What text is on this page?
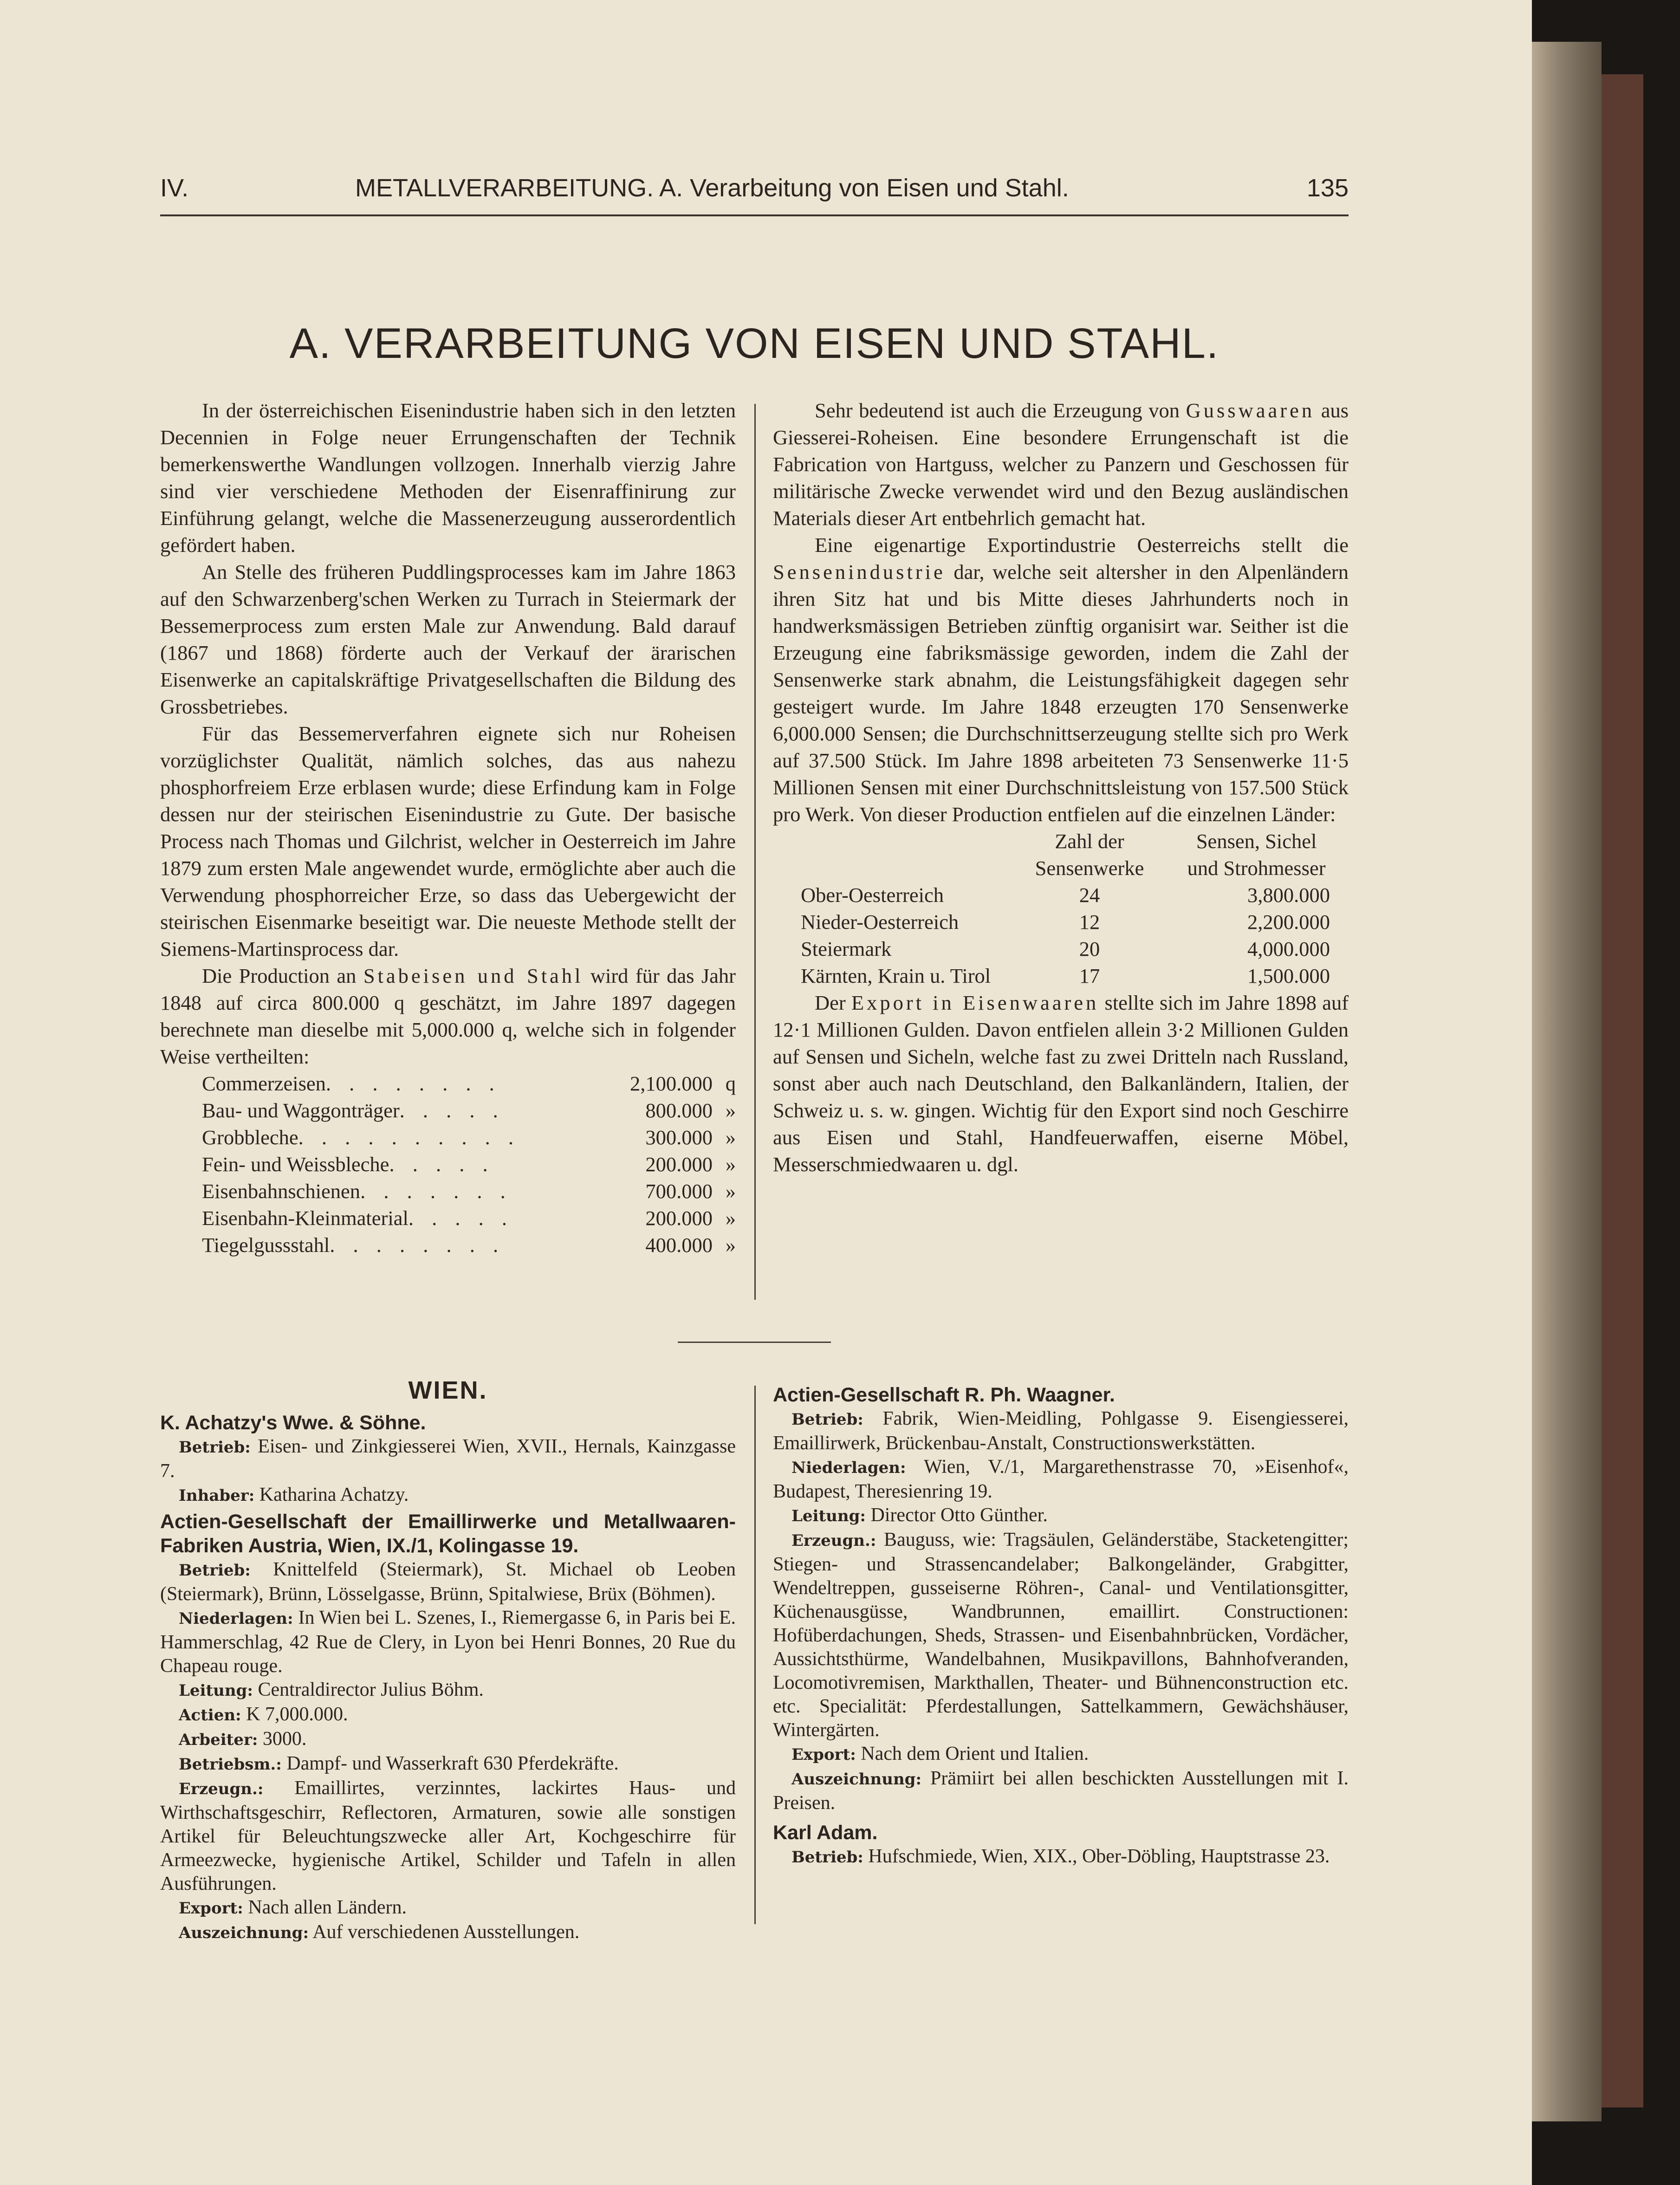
IV.	METALLVERARBEITUNG. A. Verarbeitung von Eisen und Stahl.	135
A. VERARBEITUNG VON EISEN UND STAHL.

In der österreichischen Eisenindustrie haben sich in den letzten Decennien in Folge neuer Errungenschaften der Technik bemerkenswerthe Wandlungen vollzogen. Innerhalb vierzig Jahre sind vier verschiedene Methoden der Eisenraffinirung zur Einführung gelangt, welche die Massenerzeugung ausserordentlich gefördert haben.

An Stelle des früheren Puddlingsprocesses kam im Jahre 1863 auf den Schwarzenberg'schen Werken zu Turrach in Steiermark der Bessemerprocess zum ersten Male zur Anwendung. Bald darauf (1867 und 1868) förderte auch der Verkauf der ärarischen Eisenwerke an capitalskräftige Privatgesellschaften die Bildung des Grossbetriebes.

Für das Bessemerverfahren eignete sich nur Roheisen vorzüglichster Qualität, nämlich solches, das aus nahezu phosphorfreiem Erze erblasen wurde; diese Erfindung kam in Folge dessen nur der steirischen Eisenindustrie zu Gute. Der basische Process nach Thomas und Gilchrist, welcher in Oesterreich im Jahre 1879 zum ersten Male angewendet wurde, ermöglichte aber auch die Verwendung phosphorreicher Erze, so dass das Uebergewicht der steirischen Eisenmarke beseitigt war. Die neueste Methode stellt der Siemens-Martinsprocess dar.

Die Production an Stabeisen und Stahl wird für das Jahr 1848 auf circa 800.000 q geschätzt, im Jahre 1897 dagegen berechnete man dieselbe mit 5,000.000 q, welche sich in folgender Weise vertheilten:

Commerzeisen . . . . . . . .	2,100.000 q
Bau- und Waggonträger . . . . .	800.000 »
Grobbleche . . . . . . . . . .	300.000 »
Fein- und Weissbleche . . . . .	200.000 »
Eisenbahnschienen . . . . . . .	700.000 »
Eisenbahn-Kleinmaterial . . . . .	200.000 »
Tiegelgussstahl . . . . . . . .	400.000 »

Sehr bedeutend ist auch die Erzeugung von Gusswaaren aus Giesserei-Roheisen. Eine besondere Errungenschaft ist die Fabrication von Hartguss, welcher zu Panzern und Geschossen für militärische Zwecke verwendet wird und den Bezug ausländischen Materials dieser Art entbehrlich gemacht hat.

Eine eigenartige Exportindustrie Oesterreichs stellt die Sensenindustrie dar, welche seit altersher in den Alpenländern ihren Sitz hat und bis Mitte dieses Jahrhunderts noch in handwerksmässigen Betrieben zünftig organisirt war. Seither ist die Erzeugung eine fabriksmässige geworden, indem die Zahl der Sensenwerke stark abnahm, die Leistungsfähigkeit dagegen sehr gesteigert wurde. Im Jahre 1848 erzeugten 170 Sensenwerke 6,000.000 Sensen; die Durchschnittserzeugung stellte sich pro Werk auf 37.500 Stück. Im Jahre 1898 arbeiteten 73 Sensenwerke 11·5 Millionen Sensen mit einer Durchschnittsleistung von 157.500 Stück pro Werk. Von dieser Production entfielen auf die einzelnen Länder:

	Zahl der	Sensen, Sichel
	Sensenwerke	und Strohmesser
Ober-Oesterreich	24	3,800.000
Nieder-Oesterreich	12	2,200.000
Steiermark	20	4,000.000
Kärnten, Krain u. Tirol	17	1,500.000

Der Export in Eisenwaaren stellte sich im Jahre 1898 auf 12·1 Millionen Gulden. Davon entfielen allein 3·2 Millionen Gulden auf Sensen und Sicheln, welche fast zu zwei Dritteln nach Russland, sonst aber auch nach Deutschland, den Balkanländern, Italien, der Schweiz u. s. w. gingen. Wichtig für den Export sind noch Geschirre aus Eisen und Stahl, Handfeuerwaffen, eiserne Möbel, Messerschmiedwaaren u. dgl.

WIEN.

K. Achatzy's Wwe. & Söhne.

Betrieb: Eisen- und Zinkgiesserei Wien, XVII., Hernals, Kainzgasse 7.

Inhaber: Katharina Achatzy.

Actien-Gesellschaft der Emaillirwerke und Metallwaaren-Fabriken Austria, Wien, IX./1, Kolingasse 19.

Betrieb: Knittelfeld (Steiermark), St. Michael ob Leoben (Steiermark), Brünn, Lösselgasse, Brünn, Spitalwiese, Brüx (Böhmen).

Niederlagen: In Wien bei L. Szenes, I., Riemergasse 6, in Paris bei E. Hammerschlag, 42 Rue de Clery, in Lyon bei Henri Bonnes, 20 Rue du Chapeau rouge.

Leitung: Centraldirector Julius Böhm.

Actien: K 7,000.000.

Arbeiter: 3000.

Betriebsm.: Dampf- und Wasserkraft 630 Pferdekräfte.

Erzeugn.: Emaillirtes, verzinntes, lackirtes Haus- und Wirthschaftsgeschirr, Reflectoren, Armaturen, sowie alle sonstigen Artikel für Beleuchtungszwecke aller Art, Kochgeschirre für Armeezwecke, hygienische Artikel, Schilder und Tafeln in allen Ausführungen.

Export: Nach allen Ländern.

Auszeichnung: Auf verschiedenen Ausstellungen.

Actien-Gesellschaft R. Ph. Waagner.

Betrieb: Fabrik, Wien-Meidling, Pohlgasse 9. Eisengiesserei, Emaillirwerk, Brückenbau-Anstalt, Constructionswerkstätten.

Niederlagen: Wien, V./1, Margarethenstrasse 70, »Eisenhof«, Budapest, Theresienring 19.

Leitung: Director Otto Günther.

Erzeugn.: Bauguss, wie: Tragsäulen, Geländerstäbe, Stacketengitter; Stiegen- und Strassencandelaber; Balkongeländer, Grabgitter, Wendeltreppen, gusseiserne Röhren-, Canal- und Ventilationsgitter, Küchenausgüsse, Wandbrunnen, emaillirt. Constructionen: Hofüberdachungen, Sheds, Strassen- und Eisenbahnbrücken, Vordächer, Aussichtsthürme, Wandelbahnen, Musikpavillons, Bahnhofveranden, Locomotivremisen, Markthallen, Theater- und Bühnenconstruction etc. etc. Specialität: Pferdestallungen, Sattelkammern, Gewächshäuser, Wintergärten.

Export: Nach dem Orient und Italien.

Auszeichnung: Prämiirt bei allen beschickten Ausstellungen mit I. Preisen.

Karl Adam.

Betrieb: Hufschmiede, Wien, XIX., Ober-Döbling, Hauptstrasse 23.
